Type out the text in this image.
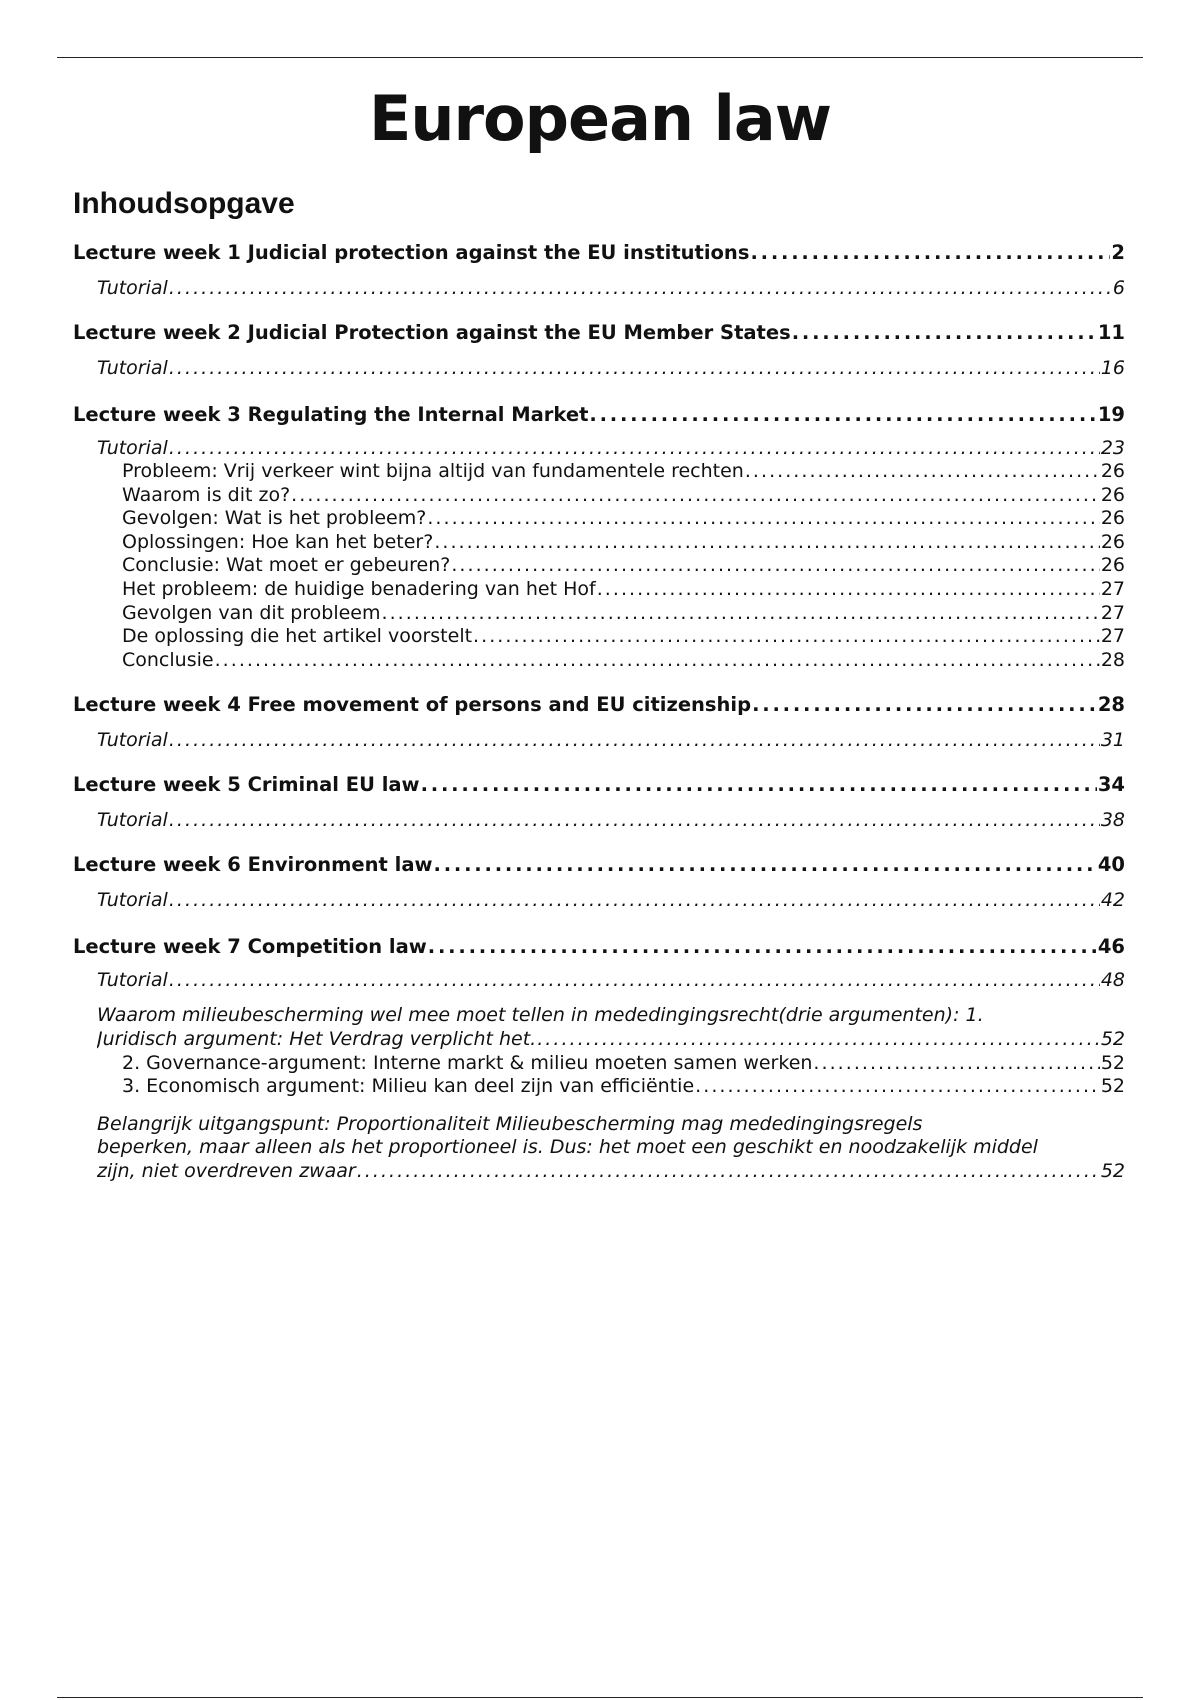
European law
Inhoudsopgave
Lecture week 1 Judicial protection against the EU institutions . . .	2
Tutorial . . .	6
Lecture week 2 Judicial Protection against the EU Member States . . .	11
Tutorial . . .	16
Lecture week 3 Regulating the Internal Market . . .	19
Tutorial . . .	23
Probleem: Vrij verkeer wint bijna altijd van fundamentele rechten . . .	26
Waarom is dit zo? . . .	26
Gevolgen: Wat is het probleem? . . .	26
Oplossingen: Hoe kan het beter? . . .	26
Conclusie: Wat moet er gebeuren? . . .	26
Het probleem: de huidige benadering van het Hof . . .	27
Gevolgen van dit probleem . . .	27
De oplossing die het artikel voorstelt . . .	27
Conclusie . . .	28
Lecture week 4 Free movement of persons and EU citizenship . . .	28
Tutorial . . .	31
Lecture week 5 Criminal EU law . . .	34
Tutorial . . .	38
Lecture week 6 Environment law . . .	40
Tutorial . . .	42
Lecture week 7 Competition law . . .	46
Tutorial . . .	48
Waarom milieubescherming wel mee moet tellen in mededingingsrecht(drie argumenten): 1.
Juridisch argument: Het Verdrag verplicht het. . . .	52
2. Governance-argument: Interne markt & milieu moeten samen werken . . .	52
3. Economisch argument: Milieu kan deel zijn van efficiëntie . . .	52
Belangrijk uitgangspunt: Proportionaliteit Milieubescherming mag mededingingsregels
beperken, maar alleen als het proportioneel is. Dus: het moet een geschikt en noodzakelijk middel
zijn, niet overdreven zwaar . . .	52
